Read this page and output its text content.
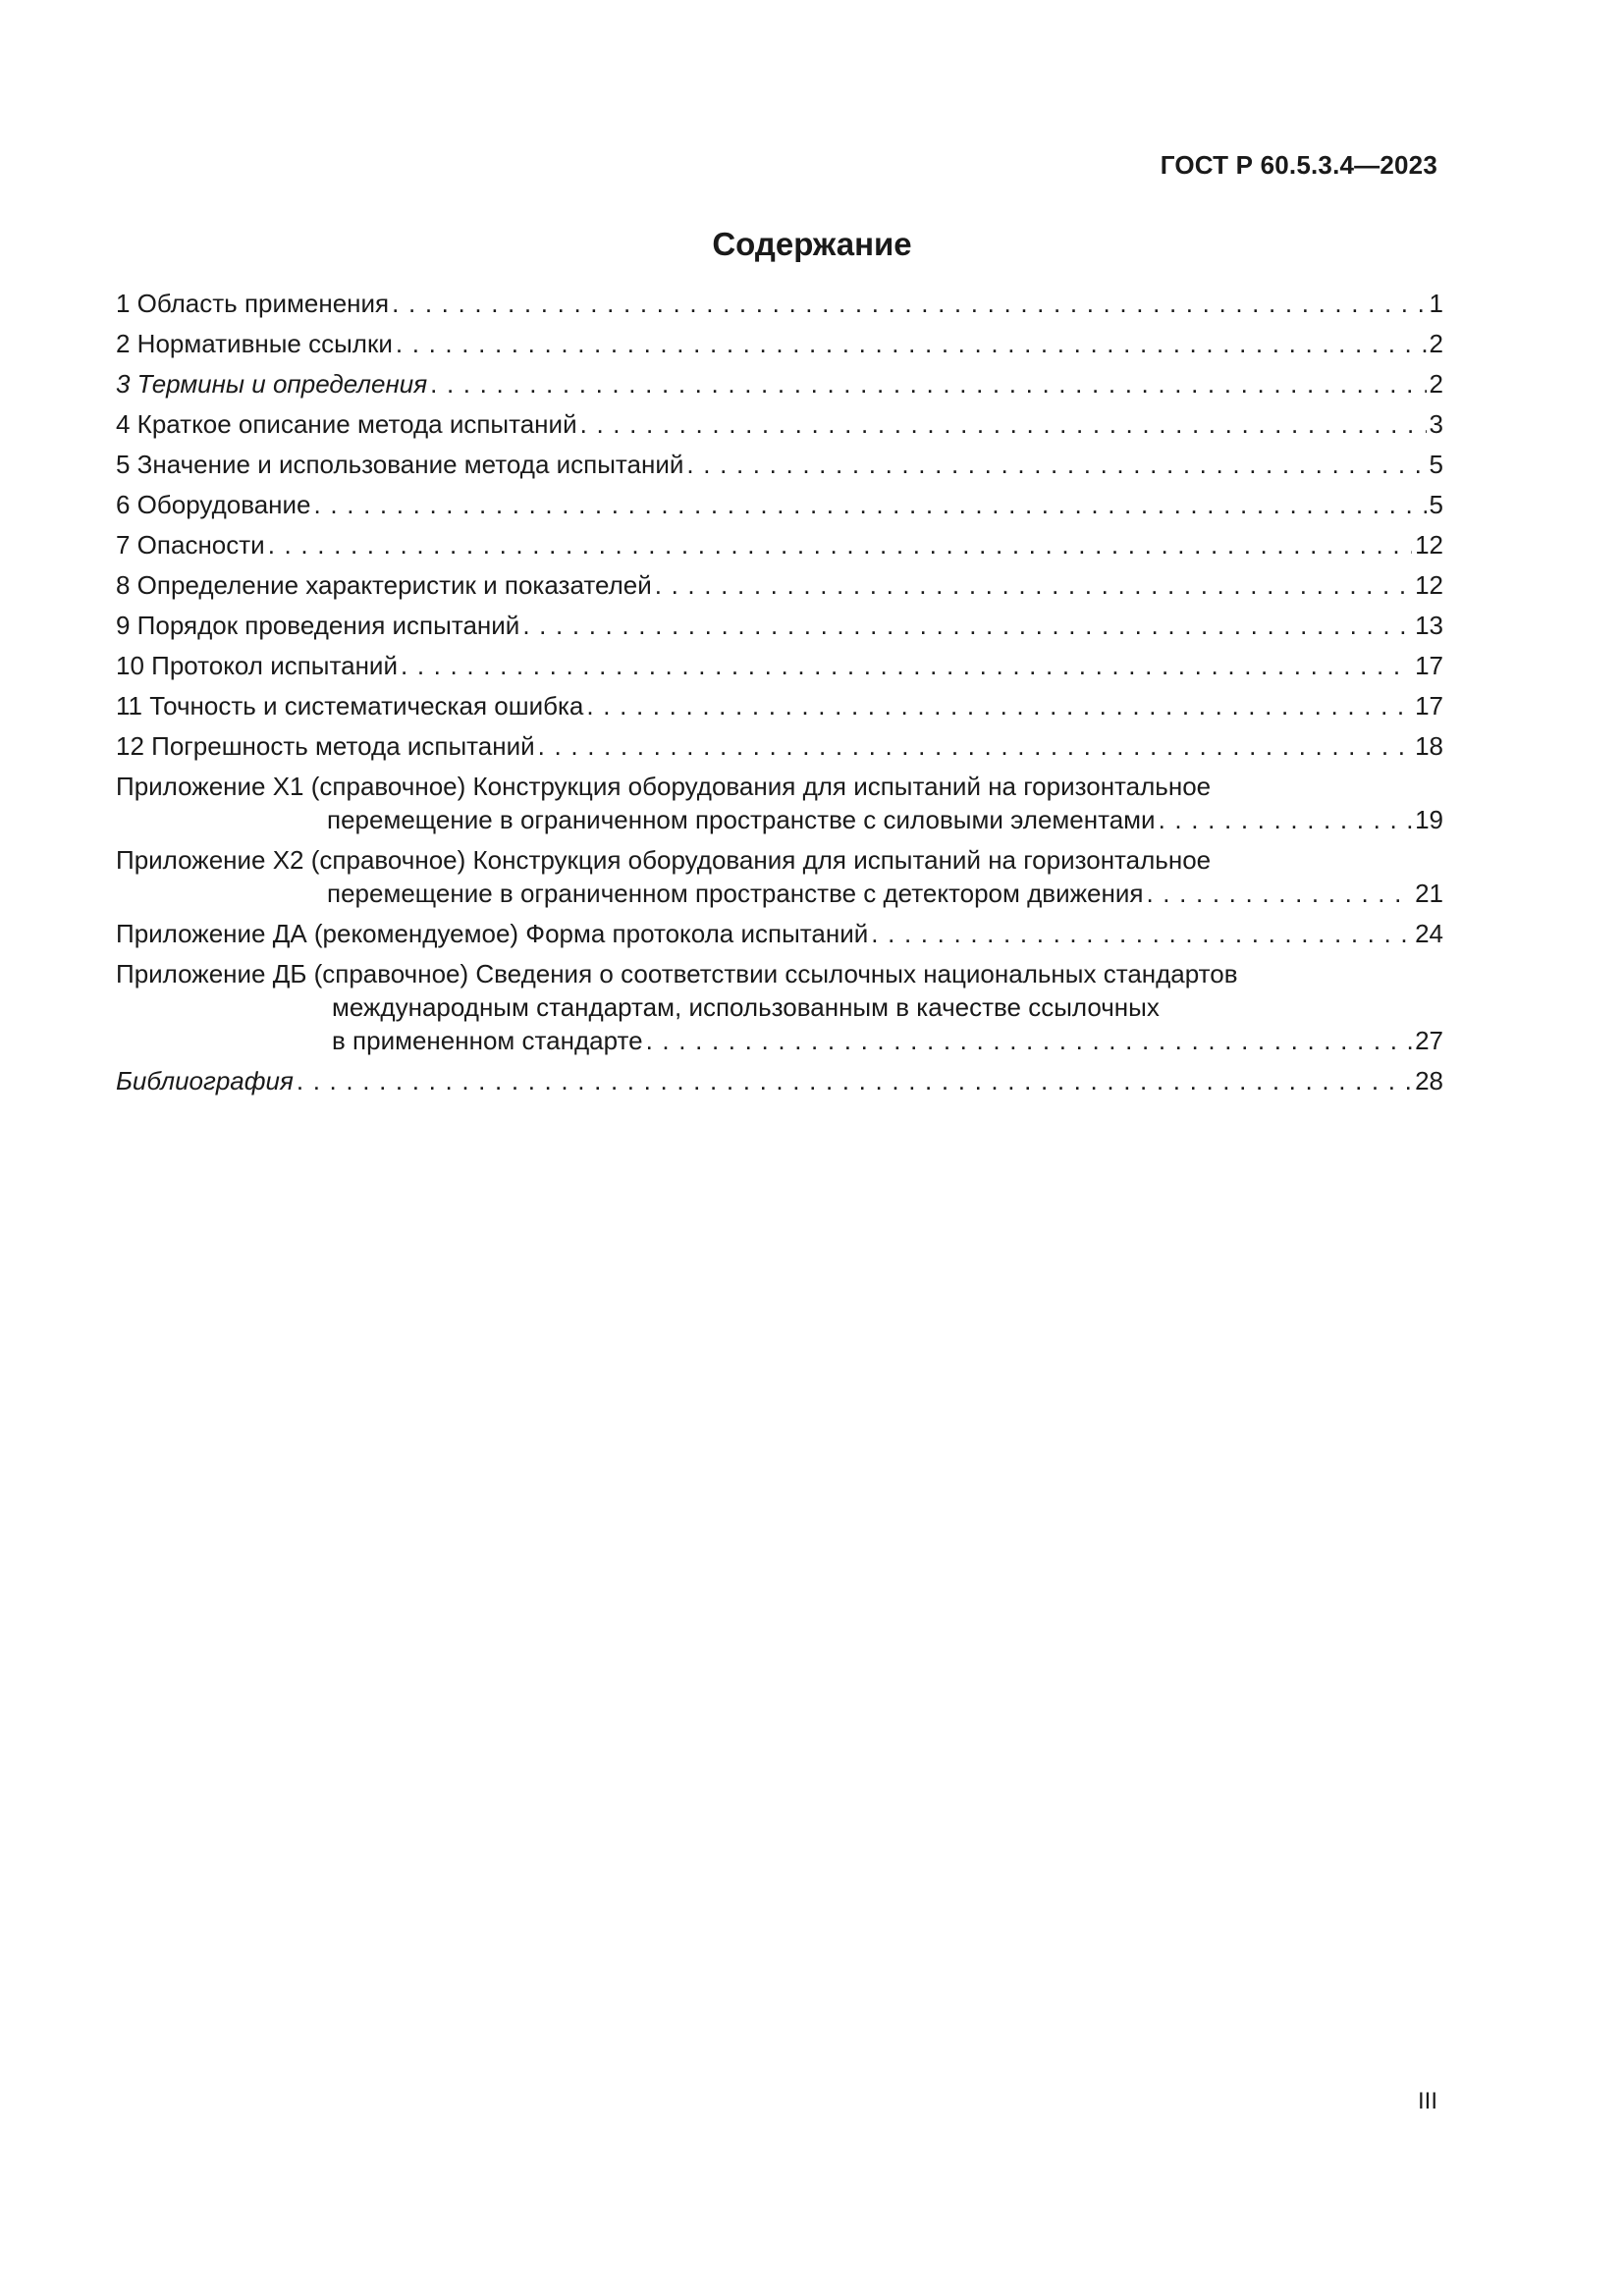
ГОСТ Р 60.5.3.4—2023
Содержание
1 Область применения . . .	1
2 Нормативные ссылки . . .	2
3 Термины и определения . . .	2
4 Краткое описание метода испытаний . . .	3
5 Значение и использование метода испытаний . . .	5
6 Оборудование . . .	5
7 Опасности . . .	12
8 Определение характеристик и показателей . . .	12
9 Порядок проведения испытаний . . .	13
10 Протокол испытаний . . .	17
11 Точность и систематическая ошибка . . .	17
12 Погрешность метода испытаний . . .	18
Приложение Х1 (справочное) Конструкция оборудования для испытаний на горизонтальное
перемещение в ограниченном пространстве с силовыми элементами . . .	19
Приложение Х2 (справочное) Конструкция оборудования для испытаний на горизонтальное
перемещение в ограниченном пространстве с детектором движения . . .	21
Приложение ДА (рекомендуемое) Форма протокола испытаний . . .	24
Приложение ДБ (справочное) Сведения о соответствии ссылочных национальных стандартов
международным стандартам, использованным в качестве ссылочных
в примененном стандарте . . .	27
Библиография . . .	28
III
